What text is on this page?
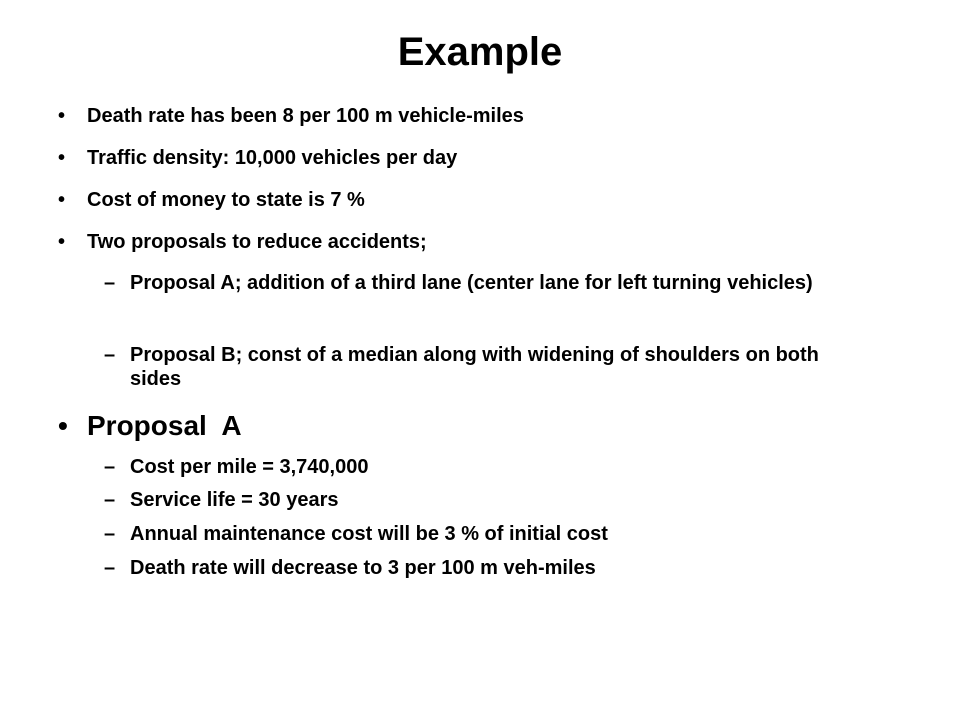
Example
• Death rate has been 8 per 100 m vehicle-miles
• Traffic density: 10,000 vehicles per day
• Cost of money to state is 7 %
• Two proposals to reduce accidents;
– Proposal A; addition of a third lane (center lane for left turning vehicles)
– Proposal B; const of a median along with widening of shoulders on both sides
• Proposal  A
– Cost per mile = 3,740,000
– Service life = 30 years
– Annual maintenance cost will be 3 % of initial cost
– Death rate will decrease to 3 per 100 m veh-miles
